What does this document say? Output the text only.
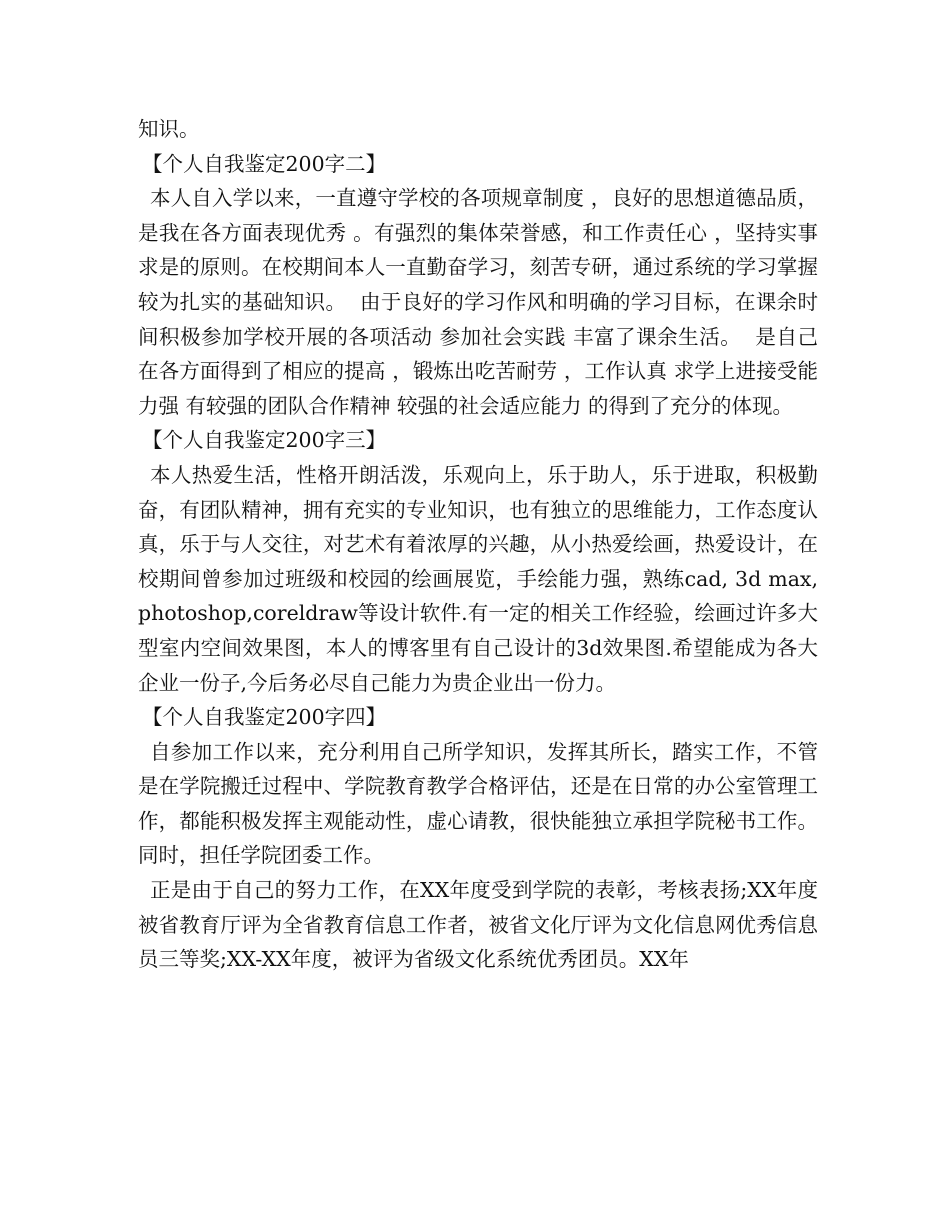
知识。

【个人自我鉴定200字二】

本人自入学以来，一直遵守学校的各项规章制度 ，良好的思想道德品质，是我在各方面表现优秀 。有强烈的集体荣誉感，和工作责任心 ，坚持实事求是的原则。在校期间本人一直勤奋学习，刻苦专研，通过系统的学习掌握较为扎实的基础知识。  由于良好的学习作风和明确的学习目标，在课余时间积极参加学校开展的各项活动 参加社会实践 丰富了课余生活。  是自己在各方面得到了相应的提高 ，锻炼出吃苦耐劳 ，工作认真 求学上进接受能力强 有较强的团队合作精神 较强的社会适应能力 的得到了充分的体现。

【个人自我鉴定200字三】

本人热爱生活，性格开朗活泼，乐观向上，乐于助人，乐于进取，积极勤奋，有团队精神，拥有充实的专业知识，也有独立的思维能力，工作态度认真，乐于与人交往，对艺术有着浓厚的兴趣，从小热爱绘画，热爱设计，在校期间曾参加过班级和校园的绘画展览，手绘能力强，熟练cad, 3d max, photoshop,coreldraw等设计软件.有一定的相关工作经验，绘画过许多大型室内空间效果图，本人的博客里有自己设计的3d效果图.希望能成为各大企业一份子,今后务必尽自己能力为贵企业出一份力。

【个人自我鉴定200字四】

自参加工作以来，充分利用自己所学知识，发挥其所长，踏实工作，不管是在学院搬迁过程中、学院教育教学合格评估，还是在日常的办公室管理工作，都能积极发挥主观能动性，虚心请教，很快能独立承担学院秘书工作。同时，担任学院团委工作。

正是由于自己的努力工作，在XX年度受到学院的表彰，考核表扬;XX年度被省教育厅评为全省教育信息工作者，被省文化厅评为文化信息网优秀信息员三等奖;XX-XX年度，被评为省级文化系统优秀团员。XX年
